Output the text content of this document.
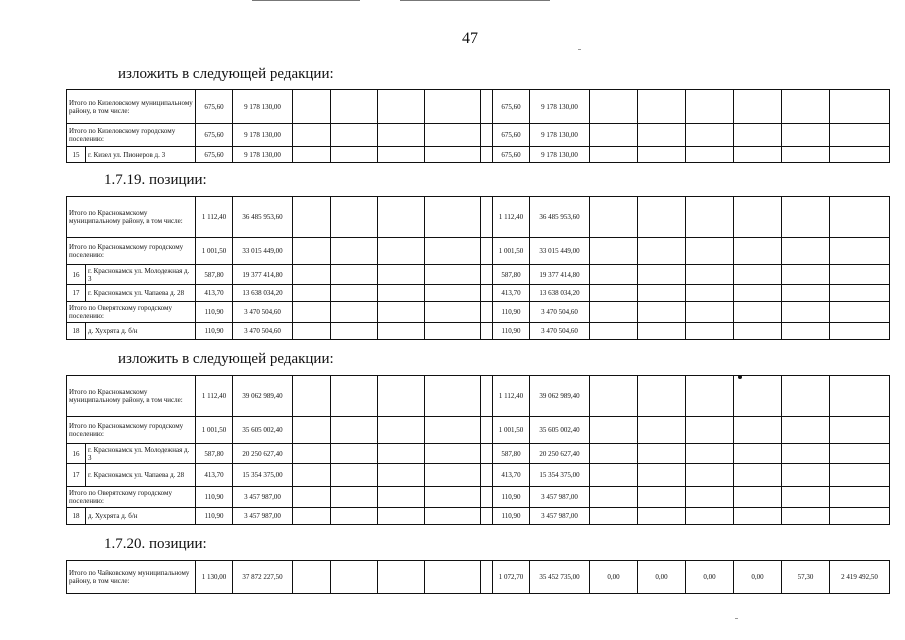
47
изложить в следующей редакции:
Итого по Кизеловскому муниципальному району, в том числе:		675,60	9 178 130,00						675,60	9 178 130,00						
Итого по Кизеловскому городскому поселению:		675,60	9 178 130,00						675,60	9 178 130,00						
15	г. Кизел ул. Пионеров д. 3	675,60	9 178 130,00						675,60	9 178 130,00						
1.7.19. позиции:
Итого по Краснокамскому муниципальному району, в том числе:		1 112,40	36 485 953,60						1 112,40	36 485 953,60						
Итого по Краснокамскому городскому поселению:		1 001,50	33 015 449,00						1 001,50	33 015 449,00						
16	г. Краснокамск ул. Молодежная д. 3	587,80	19 377 414,80						587,80	19 377 414,80						
17	г. Краснокамск ул. Чапаева д. 28	413,70	13 638 034,20						413,70	13 638 034,20						
Итого по Оверятскому городскому поселению:		110,90	3 470 504,60						110,90	3 470 504,60						
18	д. Хухрята д. б/н	110,90	3 470 504,60						110,90	3 470 504,60						
изложить в следующей редакции:
Итого по Краснокамскому муниципальному району, в том числе:		1 112,40	39 062 989,40						1 112,40	39 062 989,40						
Итого по Краснокамскому городскому поселению:		1 001,50	35 605 002,40						1 001,50	35 605 002,40						
16	г. Краснокамск ул. Молодежная д. 3	587,80	20 250 627,40						587,80	20 250 627,40						
17	г. Краснокамск ул. Чапаева д. 28	413,70	15 354 375,00						413,70	15 354 375,00						
Итого по Оверятскому городскому поселению:		110,90	3 457 987,00						110,90	3 457 987,00						
18	д. Хухрята д. б/н	110,90	3 457 987,00						110,90	3 457 987,00						
1.7.20. позиции:
Итого по Чайковскому муниципальному району, в том числе:	1 130,00	37 872 227,50						1 072,70	35 452 735,00	0,00	0,00	0,00	0,00	57,30	2 419 492,50
